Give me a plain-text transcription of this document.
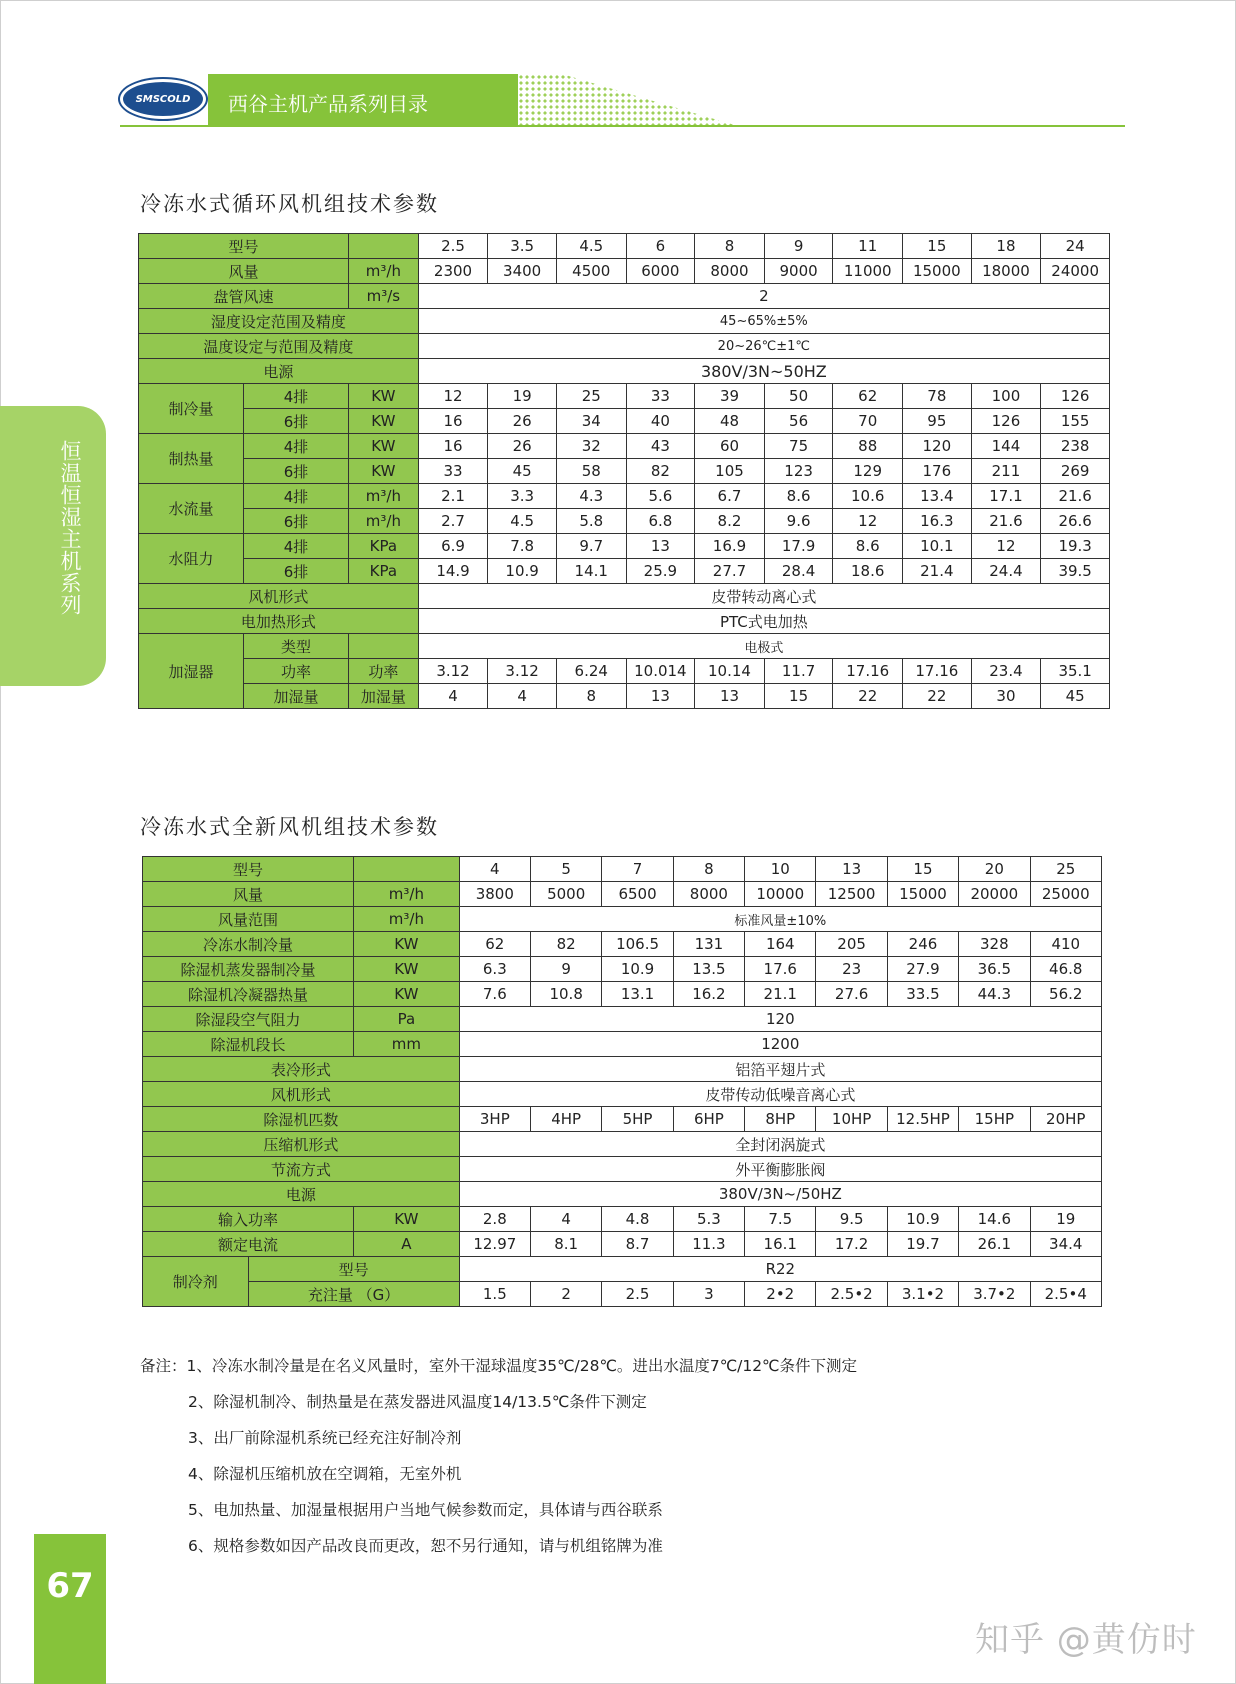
SMSCOLD	西谷主机产品系列目录
恒温恒湿主机系列
冷冻水式循环风机组技术参数
型号			2.5	3.5	4.5	6	8	9	11	15	18	24
风量		m³/h	2300	3400	4500	6000	8000	9000	11000	15000	18000	24000
盘管风速		m³/s	2									
湿度设定范围及精度			45~65%±5%									
温度设定与范围及精度			20~26℃±1℃									
电源			380V/3N~50HZ									
制冷量	4排	KW	12	19	25	33	39	50	62	78	100	126
	6排	KW	16	26	34	40	48	56	70	95	126	155
制热量	4排	KW	16	26	32	43	60	75	88	120	144	238
	6排	KW	33	45	58	82	105	123	129	176	211	269
水流量	4排	m³/h	2.1	3.3	4.3	5.6	6.7	8.6	10.6	13.4	17.1	21.6
	6排	m³/h	2.7	4.5	5.8	6.8	8.2	9.6	12	16.3	21.6	26.6
水阻力	4排	KPa	6.9	7.8	9.7	13	16.9	17.9	8.6	10.1	12	19.3
	6排	KPa	14.9	10.9	14.1	25.9	27.7	28.4	18.6	21.4	24.4	39.5
风机形式			皮带转动离心式									
电加热形式			PTC式电加热									
加湿器	类型		电极式									
	功率	功率	3.12	3.12	6.24	10.014	10.14	11.7	17.16	17.16	23.4	35.1
	加湿量	加湿量	4	4	8	13	13	15	22	22	30	45
冷冻水式全新风机组技术参数
型号			4	5	7	8	10	13	15	20	25
风量		m³/h	3800	5000	6500	8000	10000	12500	15000	20000	25000
风量范围		m³/h	标准风量±10%								
冷冻水制冷量		KW	62	82	106.5	131	164	205	246	328	410
除湿机蒸发器制冷量		KW	6.3	9	10.9	13.5	17.6	23	27.9	36.5	46.8
除湿机冷凝器热量		KW	7.6	10.8	13.1	16.2	21.1	27.6	33.5	44.3	56.2
除湿段空气阻力		Pa	120								
除湿机段长		mm	1200								
表冷形式			铝箔平翅片式								
风机形式			皮带传动低噪音离心式								
除湿机匹数			3HP	4HP	5HP	6HP	8HP	10HP	12.5HP	15HP	20HP
压缩机形式			全封闭涡旋式								
节流方式			外平衡膨胀阀								
电源			380V/3N~/50HZ								
输入功率		KW	2.8	4	4.8	5.3	7.5	9.5	10.9	14.6	19
额定电流		A	12.97	8.1	8.7	11.3	16.1	17.2	19.7	26.1	34.4
制冷剂	型号		R22								
	充注量 （G）		1.5	2	2.5	3	2•2	2.5•2	3.1•2	3.7•2	2.5•4
备注：1、冷冻水制冷量是在名义风量时，室外干湿球温度35℃/28℃。进出水温度7℃/12℃条件下测定
2、除湿机制冷、制热量是在蒸发器进风温度14/13.5℃条件下测定
3、出厂前除湿机系统已经充注好制冷剂
4、除湿机压缩机放在空调箱，无室外机
5、电加热量、加湿量根据用户当地气候参数而定，具体请与西谷联系
6、规格参数如因产品改良而更改，恕不另行通知，请与机组铭牌为准
67
知乎 @黄仿时
